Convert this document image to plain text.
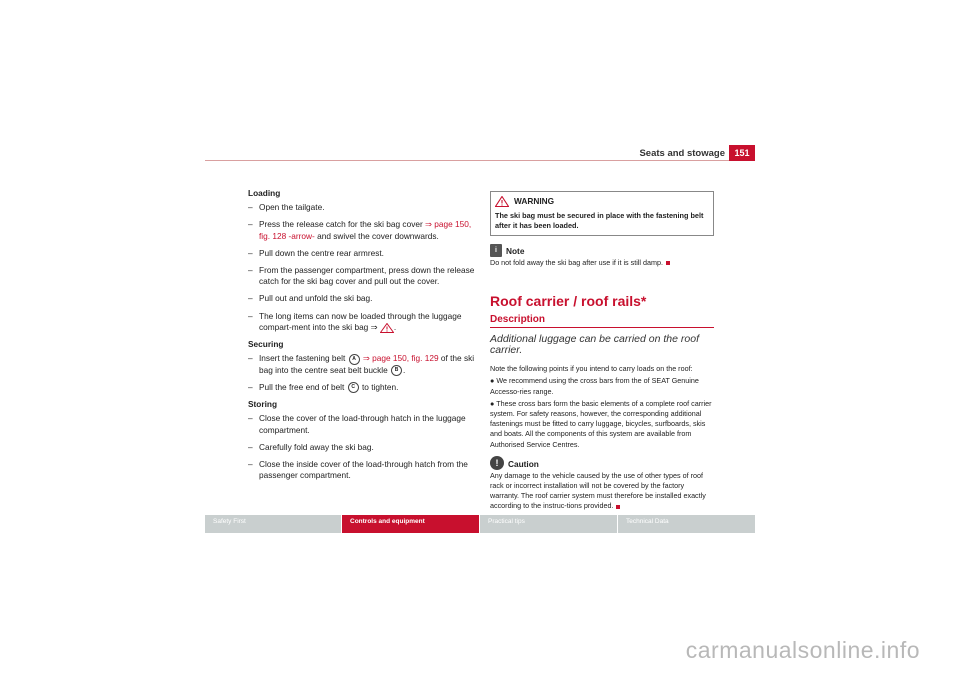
Seats and stowage	151
Loading
– Open the tailgate.
– Press the release catch for the ski bag cover ⇒ page 150, fig. 128 -arrow- and swivel the cover downwards.
– Pull down the centre rear armrest.
– From the passenger compartment, press down the release catch for the ski bag cover and pull out the cover.
– Pull out and unfold the ski bag.
– The long items can now be loaded through the luggage compart-ment into the ski bag ⇒ .
Securing
– Insert the fastening belt A ⇒ page 150, fig. 129 of the ski bag into the centre seat belt buckle B .
– Pull the free end of belt C to tighten.
Storing
– Close the cover of the load-through hatch in the luggage compartment.
– Carefully fold away the ski bag.
– Close the inside cover of the load-through hatch from the passenger compartment.
WARNING
The ski bag must be secured in place with the fastening belt after it has been loaded.
i	Note
Do not fold away the ski bag after use if it is still damp.
Roof carrier / roof rails*
Description
Additional luggage can be carried on the roof carrier.
Note the following points if you intend to carry loads on the roof:
● We recommend using the cross bars from the of SEAT Genuine Accesso-ries range.
● These cross bars form the basic elements of a complete roof carrier system. For safety reasons, however, the corresponding additional fastenings must be fitted to carry luggage, bicycles, surfboards, skis and boats. All the components of this system are available from Authorised Service Centres.
!	Caution
Any damage to the vehicle caused by the use of other types of roof rack or incorrect installation will not be covered by the factory warranty. The roof carrier system must therefore be installed exactly according to the instruc-tions provided.
Safety First	Controls and equipment	Practical tips	Technical Data
carmanualsonline.info
